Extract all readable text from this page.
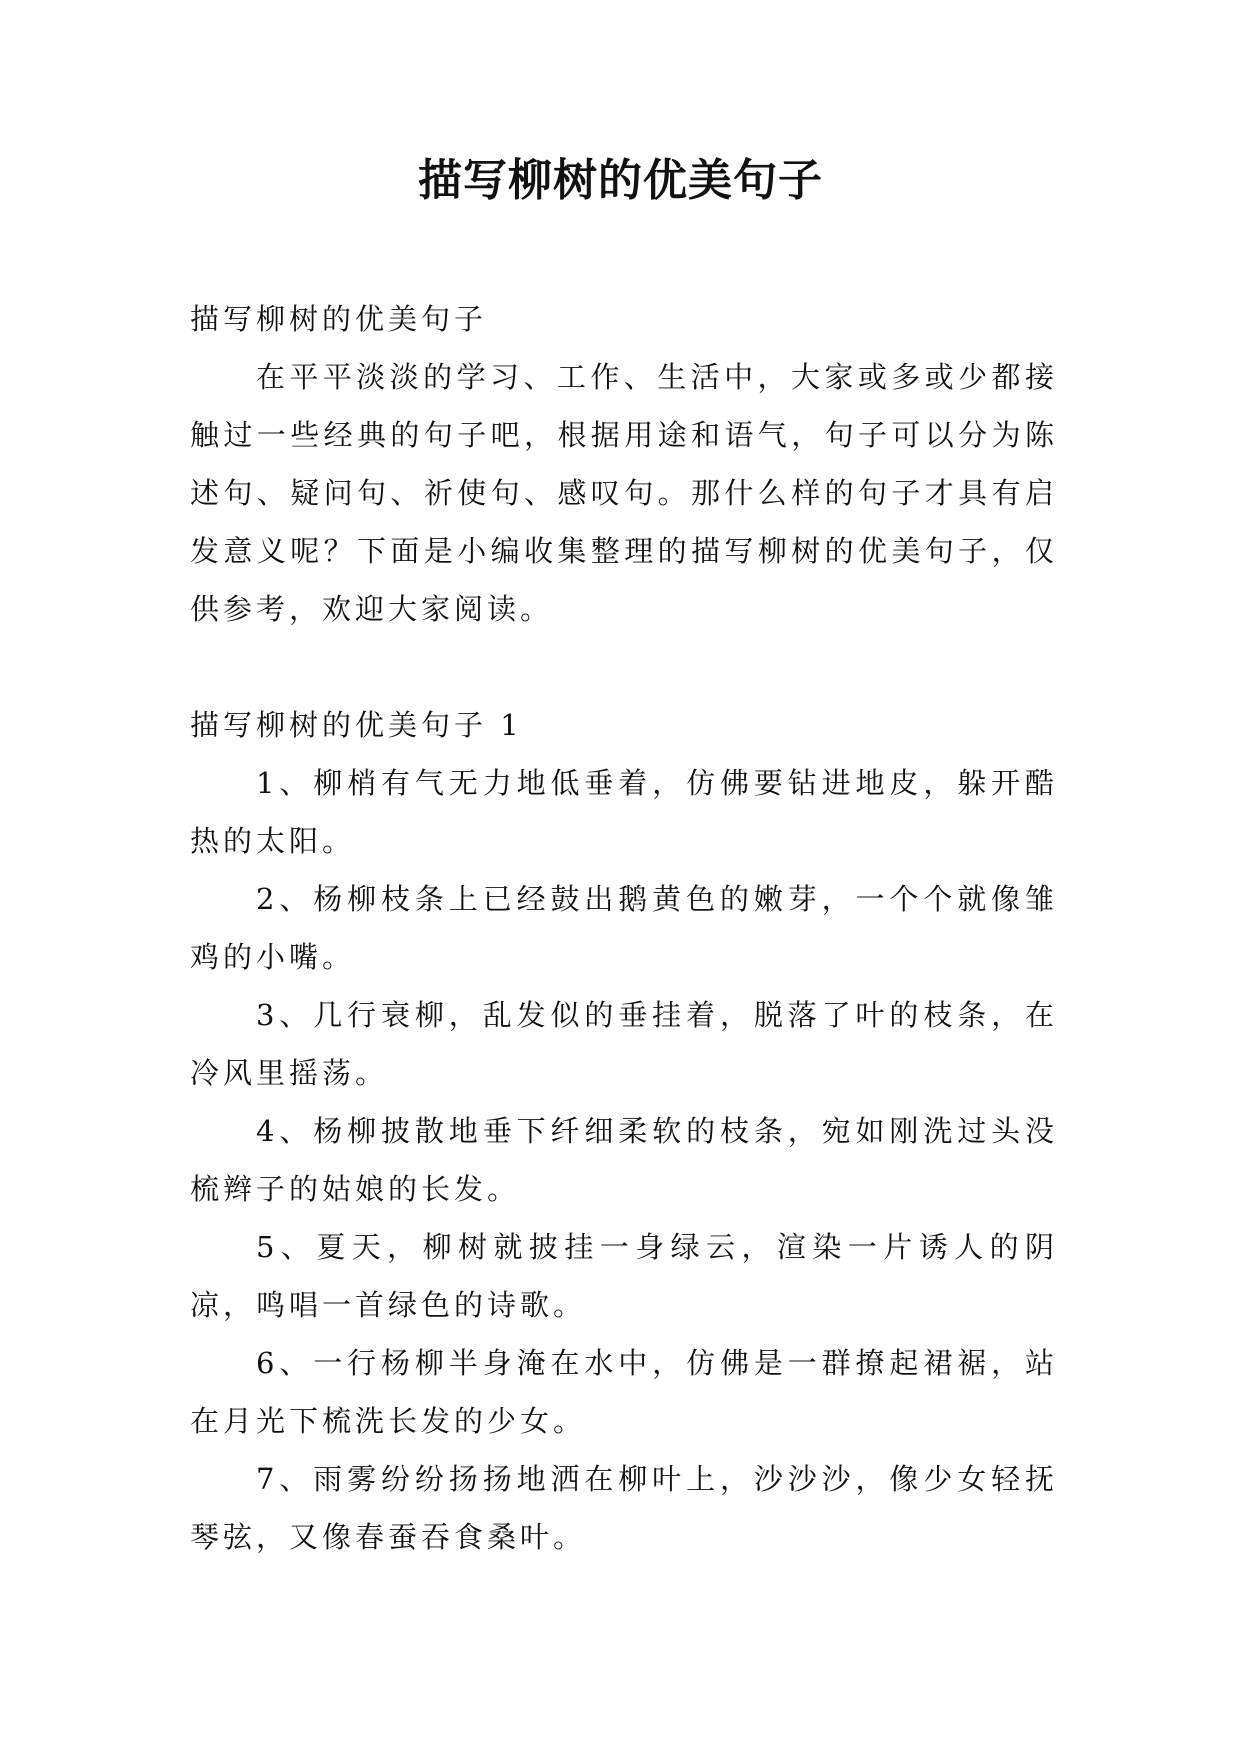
描写柳树的优美句子

描写柳树的优美句子

在平平淡淡的学习、工作、生活中，大家或多或少都接触过一些经典的句子吧，根据用途和语气，句子可以分为陈述句、疑问句、祈使句、感叹句。那什么样的句子才具有启发意义呢？下面是小编收集整理的描写柳树的优美句子，仅供参考，欢迎大家阅读。

描写柳树的优美句子 1

1、柳梢有气无力地低垂着，仿佛要钻进地皮，躲开酷热的太阳。

2、杨柳枝条上已经鼓出鹅黄色的嫩芽，一个个就像雏鸡的小嘴。

3、几行衰柳，乱发似的垂挂着，脱落了叶的枝条，在冷风里摇荡。

4、杨柳披散地垂下纤细柔软的枝条，宛如刚洗过头没梳辫子的姑娘的长发。

5、夏天，柳树就披挂一身绿云，渲染一片诱人的阴凉，鸣唱一首绿色的诗歌。

6、一行杨柳半身淹在水中，仿佛是一群撩起裙裾，站在月光下梳洗长发的少女。

7、雨雾纷纷扬扬地洒在柳叶上，沙沙沙，像少女轻抚琴弦，又像春蚕吞食桑叶。
